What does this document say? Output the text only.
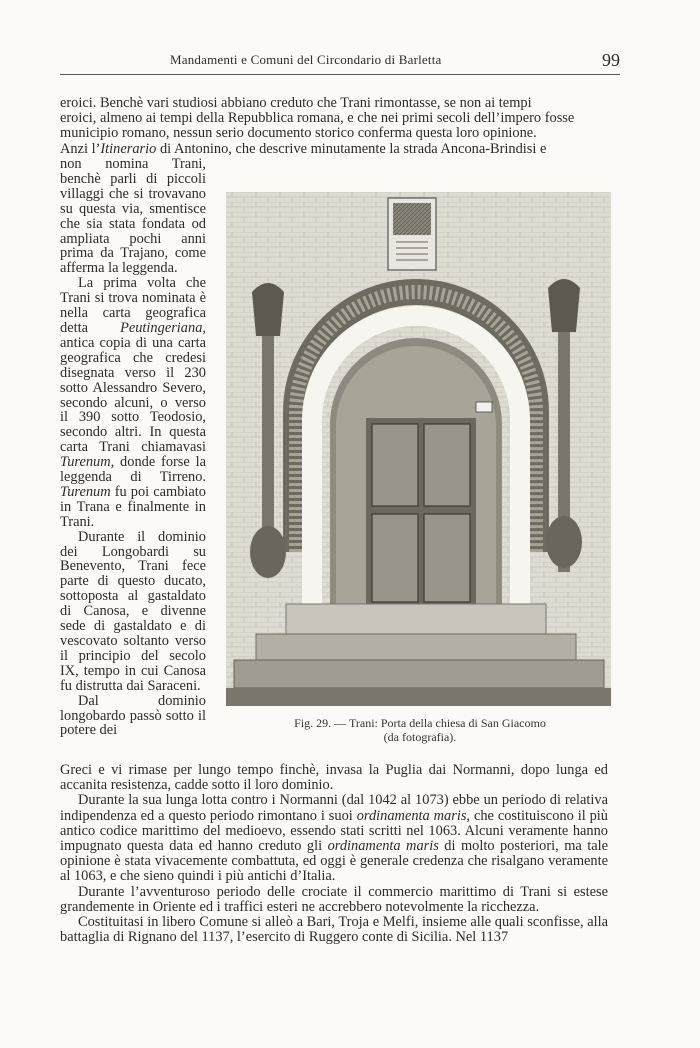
Mandamenti e Comuni del Circondario di Barletta	99

eroici. Benchè vari studiosi abbiano creduto che Trani rimontasse, se non ai tempi

eroici, almeno ai tempi della Repubblica romana, e che nei primi secoli dell’impero fosse

municipio romano, nessun serio documento storico conferma questa loro opinione.

Anzi l’Itinerario di Antonino, che descrive minutamente la strada Ancona-Brindisi e

non nomina Trani, benchè parli di piccoli villaggi che si trovavano su questa via, smentisce che sia stata fondata od ampliata pochi anni prima da Trajano, come afferma la leggenda.

La prima volta che Trani si trova nominata è nella carta geografica detta Peutingeriana, antica copia di una carta geografica che credesi disegnata verso il 230 sotto Alessandro Severo, secondo alcuni, o verso il 390 sotto Teodosio, secondo altri. In questa carta Trani chiamavasi Turenum, donde forse la leggenda di Tirreno. Turenum fu poi cambiato in Trana e finalmente in Trani.

Durante il dominio dei Longobardi su Benevento, Trani fece parte di questo ducato, sottoposta al gastaldato di Canosa, e divenne sede di gastaldato e di vescovato soltanto verso il principio del secolo IX, tempo in cui Canosa fu distrutta dai Saraceni.

Dal dominio longobardo passò sotto il potere dei	Fig. 29. — Trani: Porta della chiesa di San Giacomo
(da fotografia).

Greci e vi rimase per lungo tempo finchè, invasa la Puglia dai Normanni, dopo lunga ed accanita resistenza, cadde sotto il loro dominio.

Durante la sua lunga lotta contro i Normanni (dal 1042 al 1073) ebbe un periodo di relativa indipendenza ed a questo periodo rimontano i suoi ordinamenta maris, che costituiscono il più antico codice marittimo del medioevo, essendo stati scritti nel 1063. Alcuni veramente hanno impugnato questa data ed hanno creduto gli ordinamenta maris di molto posteriori, ma tale opinione è stata vivacemente combattuta, ed oggi è generale credenza che risalgano veramente al 1063, e che sieno quindi i più antichi d’Italia.

Durante l’avventuroso periodo delle crociate il commercio marittimo di Trani si estese grandemente in Oriente ed i traffici esteri ne accrebbero notevolmente la ricchezza.

Costituitasi in libero Comune si alleò a Bari, Troja e Melfi, insieme alle quali sconfisse, alla battaglia di Rignano del 1137, l’esercito di Ruggero conte di Sicilia. Nel 1137
